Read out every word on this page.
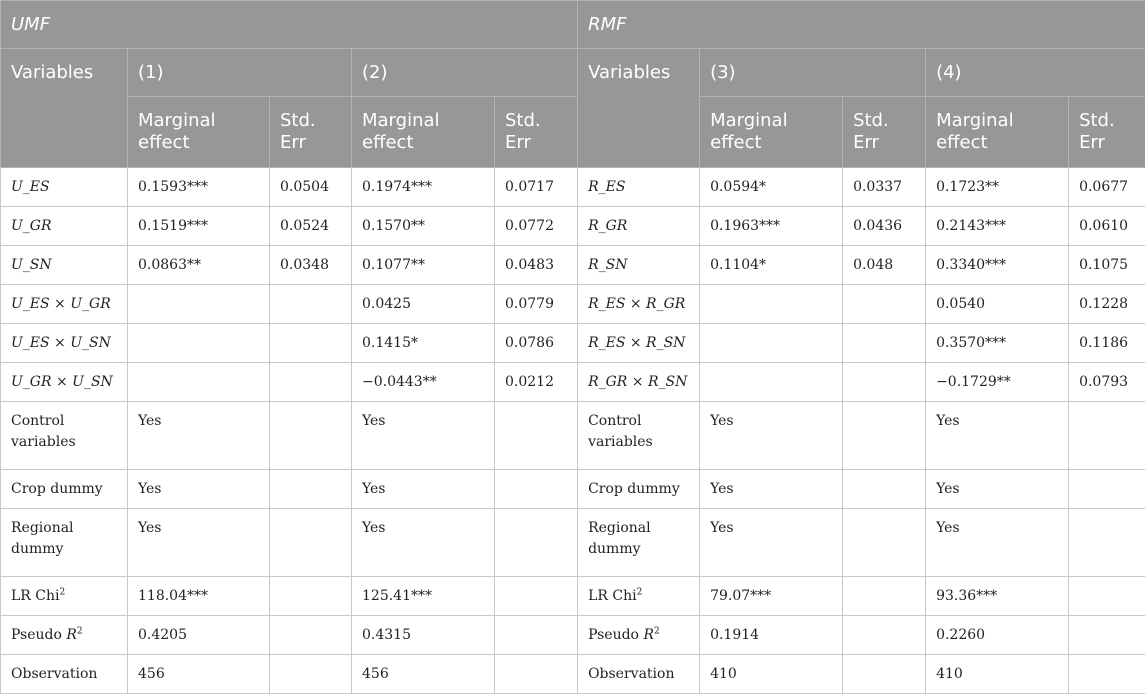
UMF					RMF				
Variables	(1)		(2)		Variables	(3)		(4)	
	Marginal effect	Std. Err	Marginal effect	Std. Err		Marginal effect	Std. Err	Marginal effect	Std. Err
U_ES	0.1593***	0.0504	0.1974***	0.0717	R_ES	0.0594*	0.0337	0.1723**	0.0677
U_GR	0.1519***	0.0524	0.1570**	0.0772	R_GR	0.1963***	0.0436	0.2143***	0.0610
U_SN	0.0863**	0.0348	0.1077**	0.0483	R_SN	0.1104*	0.048	0.3340***	0.1075
U_ES × U_GR			0.0425	0.0779	R_ES × R_GR			0.0540	0.1228
U_ES × U_SN			0.1415*	0.0786	R_ES × R_SN			0.3570***	0.1186
U_GR × U_SN			−0.0443**	0.0212	R_GR × R_SN			−0.1729**	0.0793
Control variables	Yes		Yes		Control variables	Yes		Yes	
Crop dummy	Yes		Yes		Crop dummy	Yes		Yes	
Regional dummy	Yes		Yes		Regional dummy	Yes		Yes	
LR Chi$^2$	118.04***		125.41***		LR Chi$^2$	79.07***		93.36***	
Pseudo $R^2$	0.4205		0.4315		Pseudo $R^2$	0.1914		0.2260	
Observation	456		456		Observation	410		410	
